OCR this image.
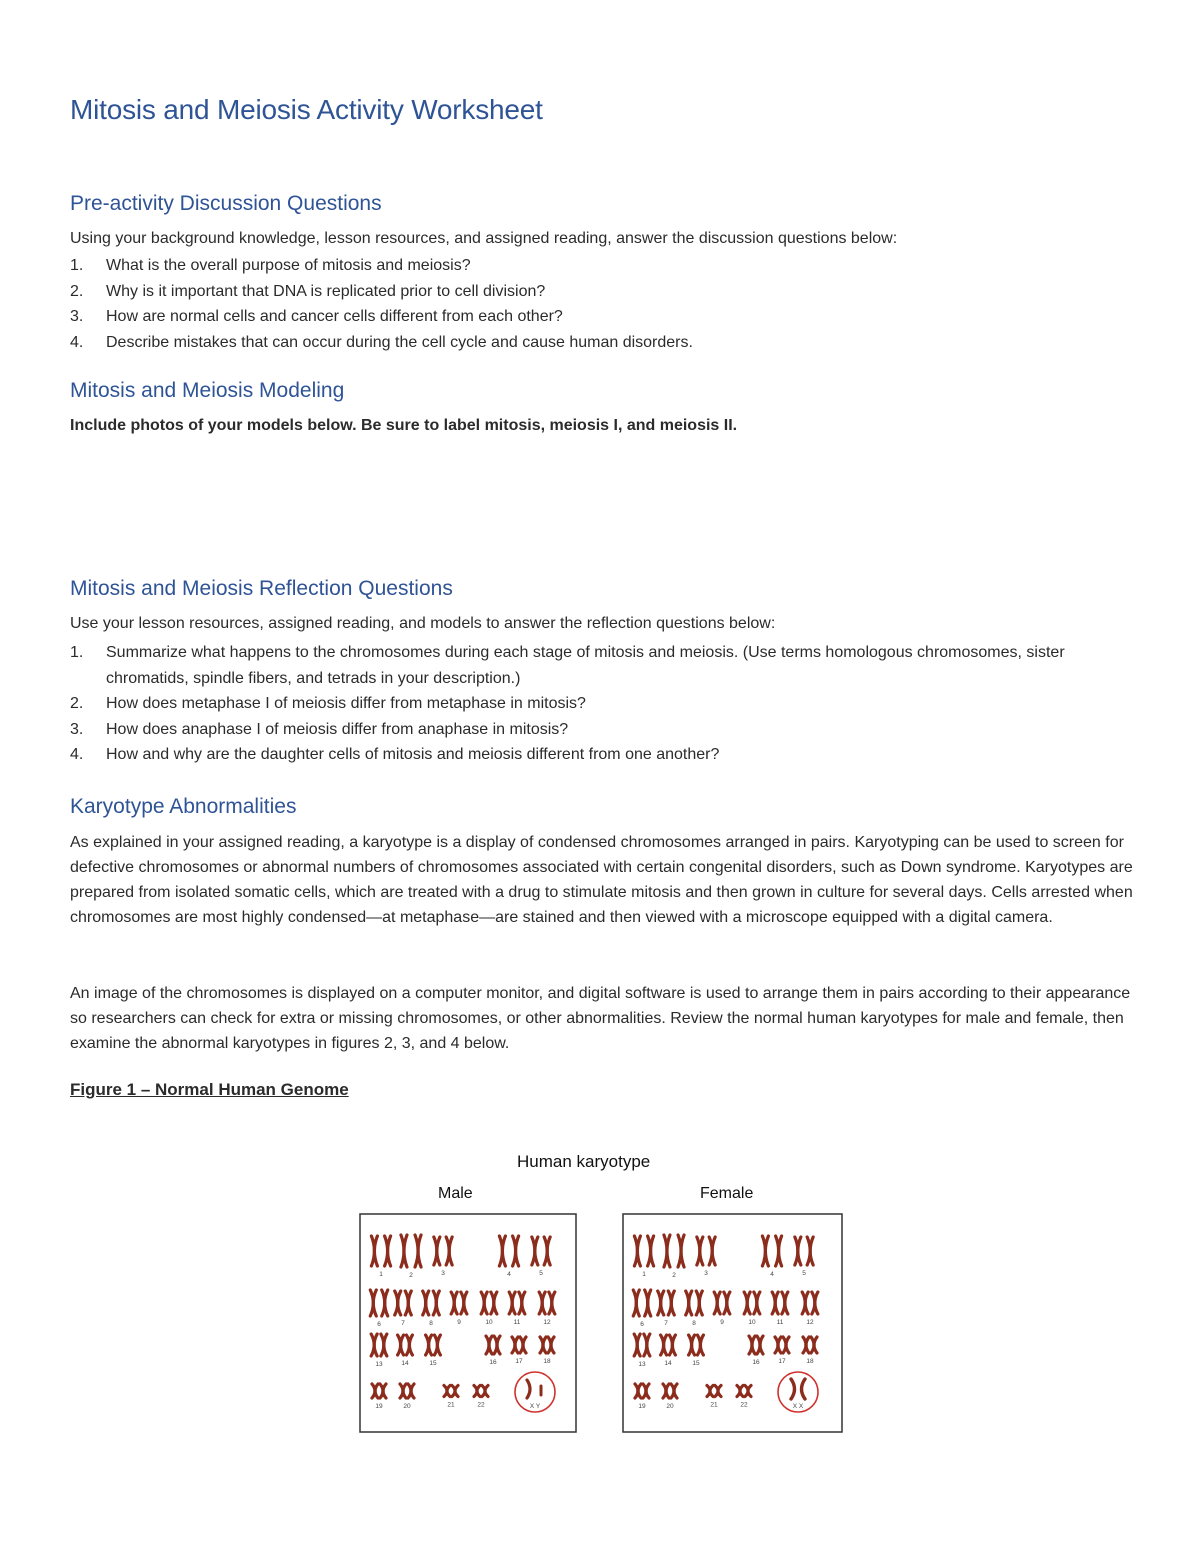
Mitosis and Meiosis Activity Worksheet
Pre-activity Discussion Questions
Using your background knowledge, lesson resources, and assigned reading, answer the discussion questions below:
1. What is the overall purpose of mitosis and meiosis?
2. Why is it important that DNA is replicated prior to cell division?
3. How are normal cells and cancer cells different from each other?
4. Describe mistakes that can occur during the cell cycle and cause human disorders.
Mitosis and Meiosis Modeling
Include photos of your models below. Be sure to label mitosis, meiosis I, and meiosis II.
Mitosis and Meiosis Reflection Questions
Use your lesson resources, assigned reading, and models to answer the reflection questions below:
1. Summarize what happens to the chromosomes during each stage of mitosis and meiosis. (Use terms homologous chromosomes, sister chromatids, spindle fibers, and tetrads in your description.)
2. How does metaphase I of meiosis differ from metaphase in mitosis?
3. How does anaphase I of meiosis differ from anaphase in mitosis?
4. How and why are the daughter cells of mitosis and meiosis different from one another?
Karyotype Abnormalities

As explained in your assigned reading, a karyotype is a display of condensed chromosomes arranged in pairs. Karyotyping can be used to screen for defective chromosomes or abnormal numbers of chromosomes associated with certain congenital disorders, such as Down syndrome. Karyotypes are prepared from isolated somatic cells, which are treated with a drug to stimulate mitosis and then grown in culture for several days. Cells arrested when chromosomes are most highly condensed—at metaphase—are stained and then viewed with a microscope equipped with a digital camera.

An image of the chromosomes is displayed on a computer monitor, and digital software is used to arrange them in pairs according to their appearance so researchers can check for extra or missing chromosomes, or other abnormalities. Review the normal human karyotypes for male and female, then examine the abnormal karyotypes in figures 2, 3, and 4 below.

Figure 1 – Normal Human Genome
Human karyotype
Male	Female
1	2	3	4	5
6	7	8	9	10	11	12
13	14	15	16	17	18
19	20	21	22	X Y
1	2	3	4	5
6	7	8	9	10	11	12
13	14	15	16	17	18
19	20	21	22	X X
